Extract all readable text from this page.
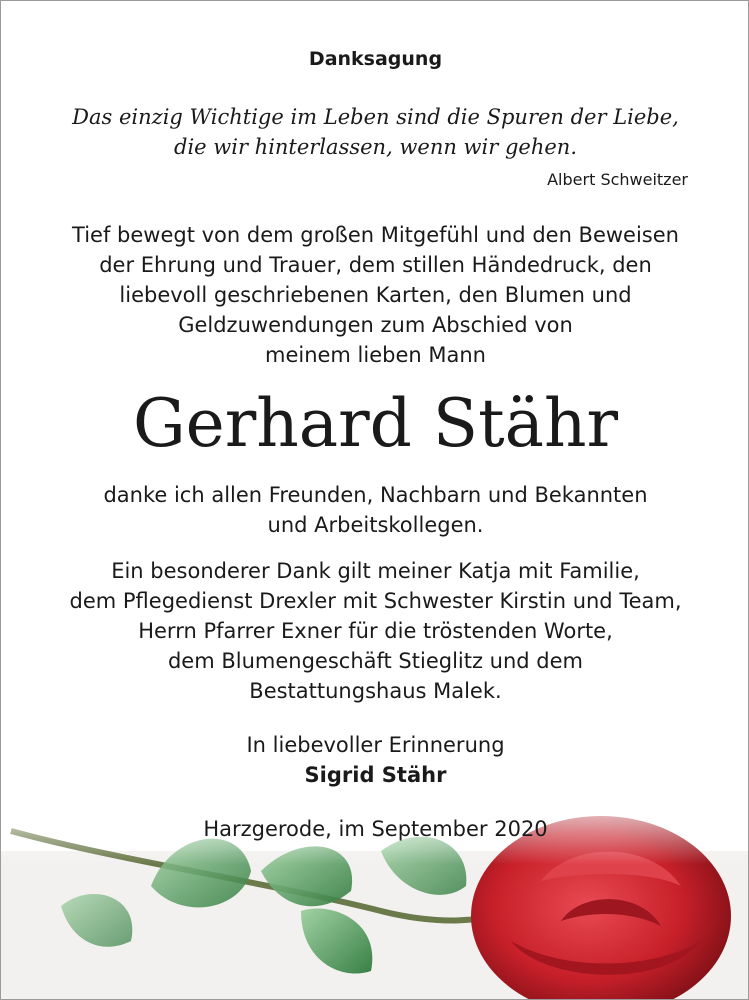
Danksagung
Das einzig Wichtige im Leben sind die Spuren der Liebe,
die wir hinterlassen, wenn wir gehen.
Albert Schweitzer
Tief bewegt von dem großen Mitgefühl und den Beweisen
der Ehrung und Trauer, dem stillen Händedruck, den
liebevoll geschriebenen Karten, den Blumen und
Geldzuwendungen zum Abschied von
meinem lieben Mann
Gerhard Stähr
danke ich allen Freunden, Nachbarn und Bekannten
und Arbeitskollegen.
Ein besonderer Dank gilt meiner Katja mit Familie,
dem Pflegedienst Drexler mit Schwester Kirstin und Team,
Herrn Pfarrer Exner für die tröstenden Worte,
dem Blumengeschäft Stieglitz und dem
Bestattungshaus Malek.
In liebevoller Erinnerung
Sigrid Stähr
Harzgerode, im September 2020
